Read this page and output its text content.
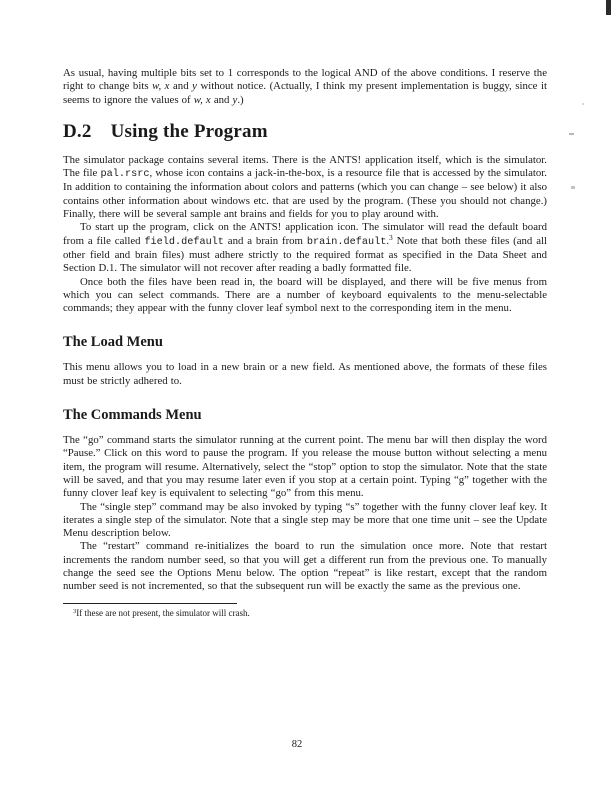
As usual, having multiple bits set to 1 corresponds to the logical AND of the above conditions. I reserve the right to change bits w, x and y without notice. (Actually, I think my present implementation is buggy, since it seems to ignore the values of w, x and y.)

D.2 Using the Program

The simulator package contains several items. There is the ANTS! application itself, which is the simulator. The file pal.rsrc, whose icon contains a jack-in-the-box, is a resource file that is accessed by the simulator. In addition to containing the information about colors and patterns (which you can change – see below) it also contains other information about windows etc. that are used by the program. (These you should not change.) Finally, there will be several sample ant brains and fields for you to play around with.

To start up the program, click on the ANTS! application icon. The simulator will read the default board from a file called field.default and a brain from brain.default.$^3$ Note that both these files (and all other field and brain files) must adhere strictly to the required format as specified in the Data Sheet and Section D.1. The simulator will not recover after reading a badly formatted file.

Once both the files have been read in, the board will be displayed, and there will be five menus from which you can select commands. There are a number of keyboard equivalents to the menu-selectable commands; they appear with the funny clover leaf symbol next to the corresponding item in the menu.

The Load Menu

This menu allows you to load in a new brain or a new field. As mentioned above, the formats of these files must be strictly adhered to.

The Commands Menu

The “go” command starts the simulator running at the current point. The menu bar will then display the word “Pause.” Click on this word to pause the program. If you release the mouse button without selecting a menu item, the program will resume. Alternatively, select the “stop” option to stop the simulator. Note that the state will be saved, and that you may resume later even if you stop at a certain point. Typing “g” together with the funny clover leaf key is equivalent to selecting “go” from this menu.

The “single step” command may be also invoked by typing “s” together with the funny clover leaf key. It iterates a single step of the simulator. Note that a single step may be more that one time unit – see the Update Menu description below.

The “restart” command re-initializes the board to run the simulation once more. Note that restart increments the random number seed, so that you will get a different run from the previous one. To manually change the seed see the Options Menu below. The option “repeat” is like restart, except that the random number seed is not incremented, so that the subsequent run will be exactly the same as the previous one.

$^3$If these are not present, the simulator will crash.
82
